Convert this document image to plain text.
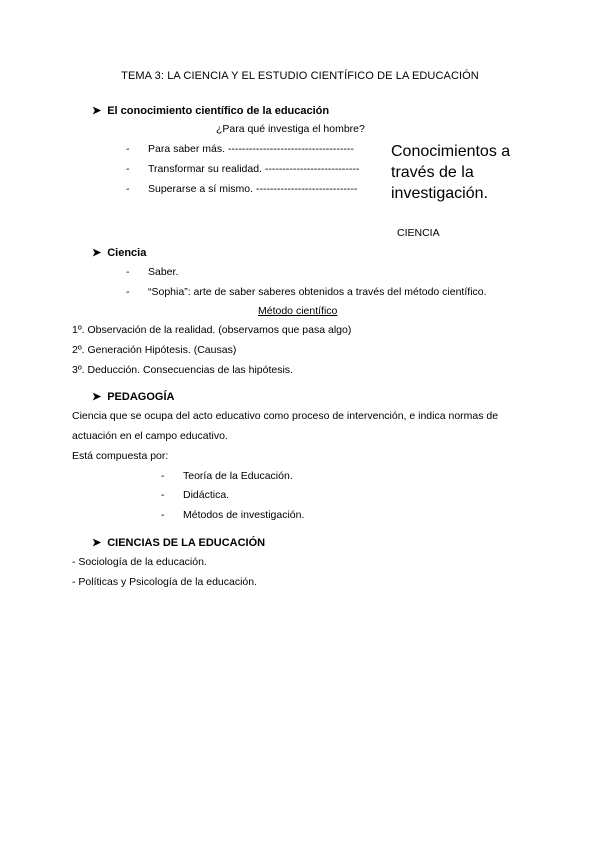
TEMA 3: LA CIENCIA Y EL ESTUDIO CIENTÍFICO DE LA EDUCACIÓN
➤ El conocimiento científico de la educación
¿Para qué investiga el hombre?
- Para saber más. ------------------------------------
- Transformar su realidad. ---------------------------
- Superarse a sí mismo. -----------------------------
Conocimientos a través de la investigación.
CIENCIA
➤ Ciencia
- Saber.
- “Sophia”: arte de saber saberes obtenidos a través del método científico.
Método científico
1º. Observación de la realidad. (observamos que pasa algo)
2º. Generación Hipótesis. (Causas)
3º. Deducción. Consecuencias de las hipótesis.
➤ PEDAGOGÍA
Ciencia que se ocupa del acto educativo como proceso de intervención, e indica normas de
actuación en el campo educativo.
Está compuesta por:
- Teoría de la Educación.
- Didáctica.
- Métodos de investigación.
➤ CIENCIAS DE LA EDUCACIÓN
- Sociología de la educación.
- Políticas y Psicología de la educación.
